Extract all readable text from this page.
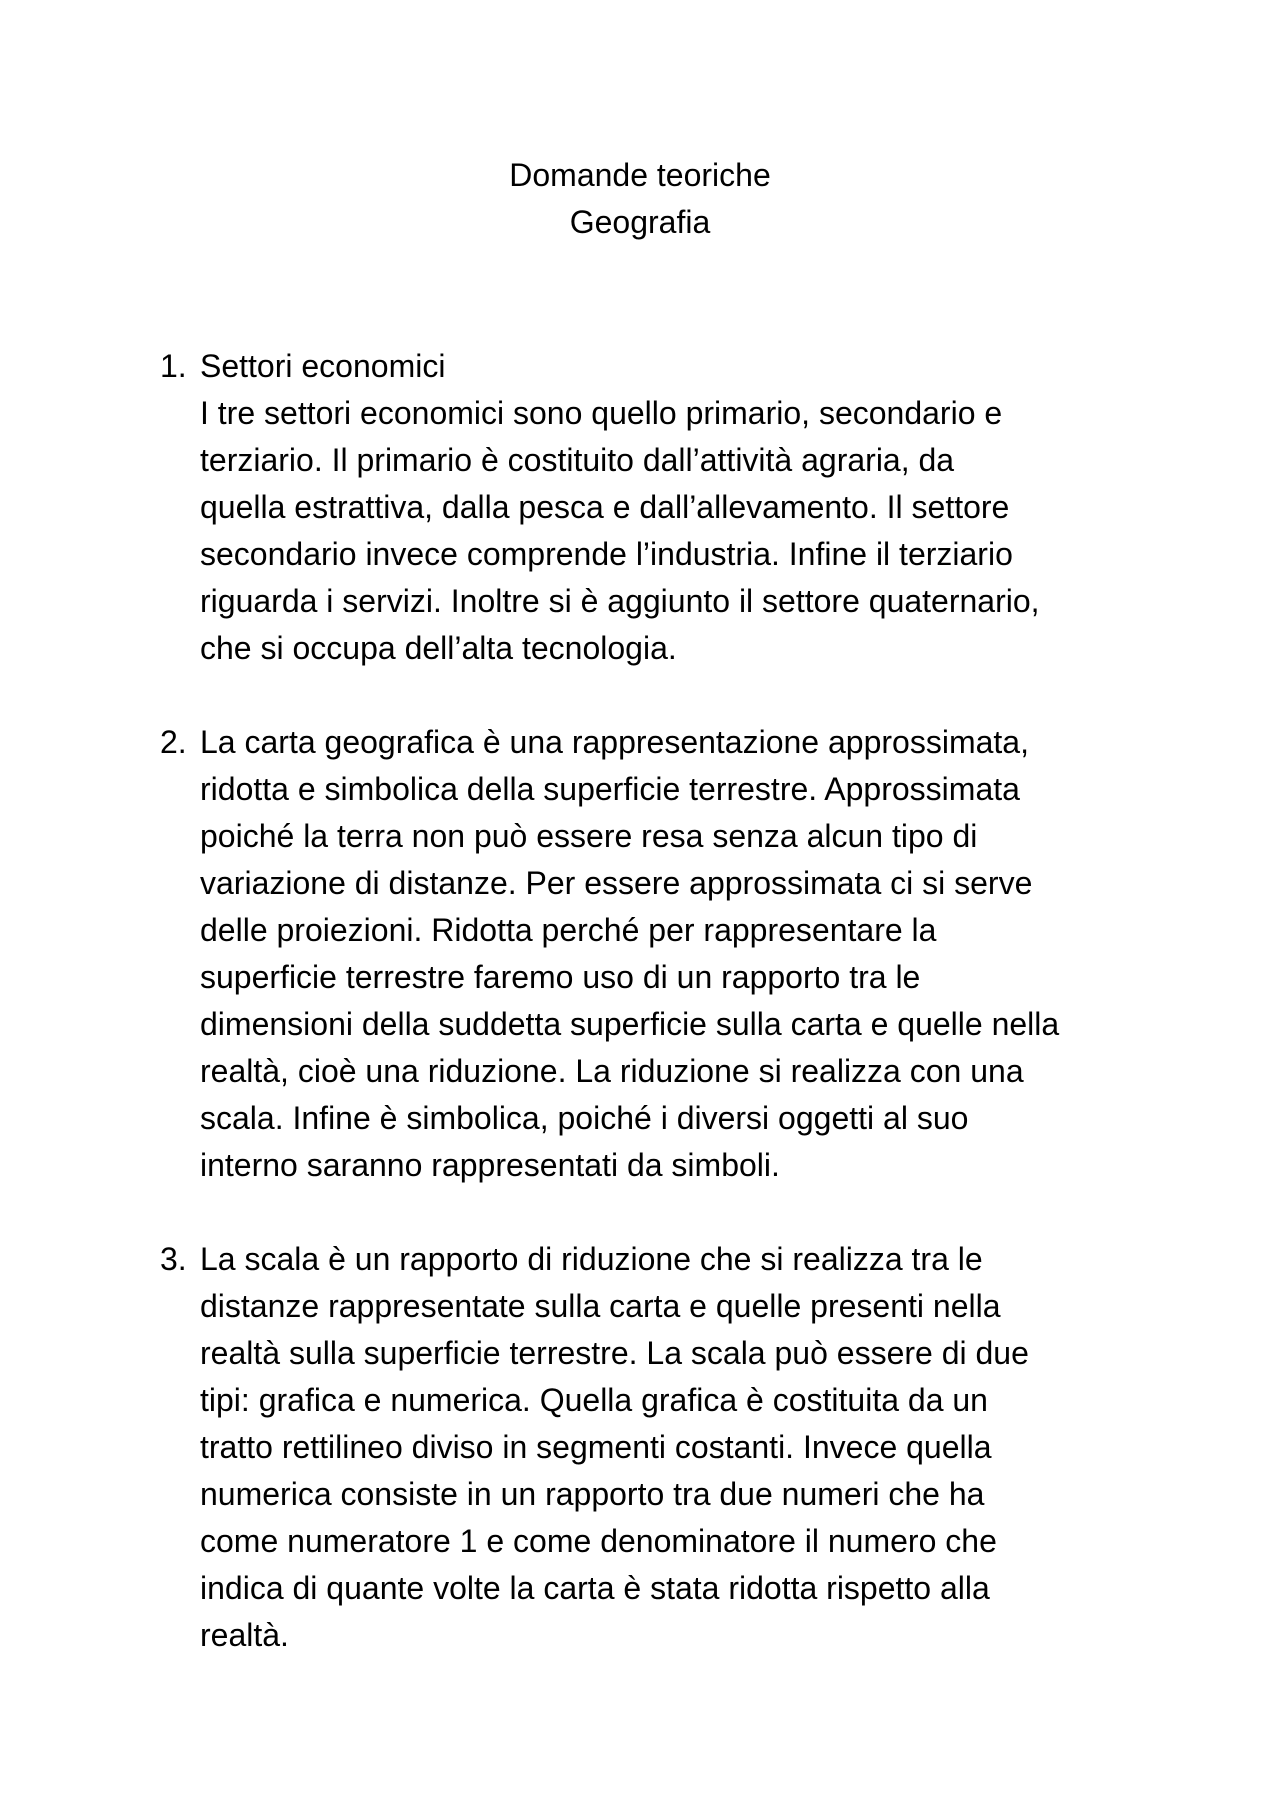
Domande teoriche
Geografia
1. Settori economici
I tre settori economici sono quello primario, secondario e
terziario. Il primario è costituito dall’attività agraria, da
quella estrattiva, dalla pesca e dall’allevamento. Il settore
secondario invece comprende l’industria. Infine il terziario
riguarda i servizi. Inoltre si è aggiunto il settore quaternario,
che si occupa dell’alta tecnologia.
2. La carta geografica è una rappresentazione approssimata,
ridotta e simbolica della superficie terrestre. Approssimata
poiché la terra non può essere resa senza alcun tipo di
variazione di distanze. Per essere approssimata ci si serve
delle proiezioni. Ridotta perché per rappresentare la
superficie terrestre faremo uso di un rapporto tra le
dimensioni della suddetta superficie sulla carta e quelle nella
realtà, cioè una riduzione. La riduzione si realizza con una
scala. Infine è simbolica, poiché i diversi oggetti al suo
interno saranno rappresentati da simboli.
3. La scala è un rapporto di riduzione che si realizza tra le
distanze rappresentate sulla carta e quelle presenti nella
realtà sulla superficie terrestre. La scala può essere di due
tipi: grafica e numerica. Quella grafica è costituita da un
tratto rettilineo diviso in segmenti costanti. Invece quella
numerica consiste in un rapporto tra due numeri che ha
come numeratore 1 e come denominatore il numero che
indica di quante volte la carta è stata ridotta rispetto alla
realtà.
